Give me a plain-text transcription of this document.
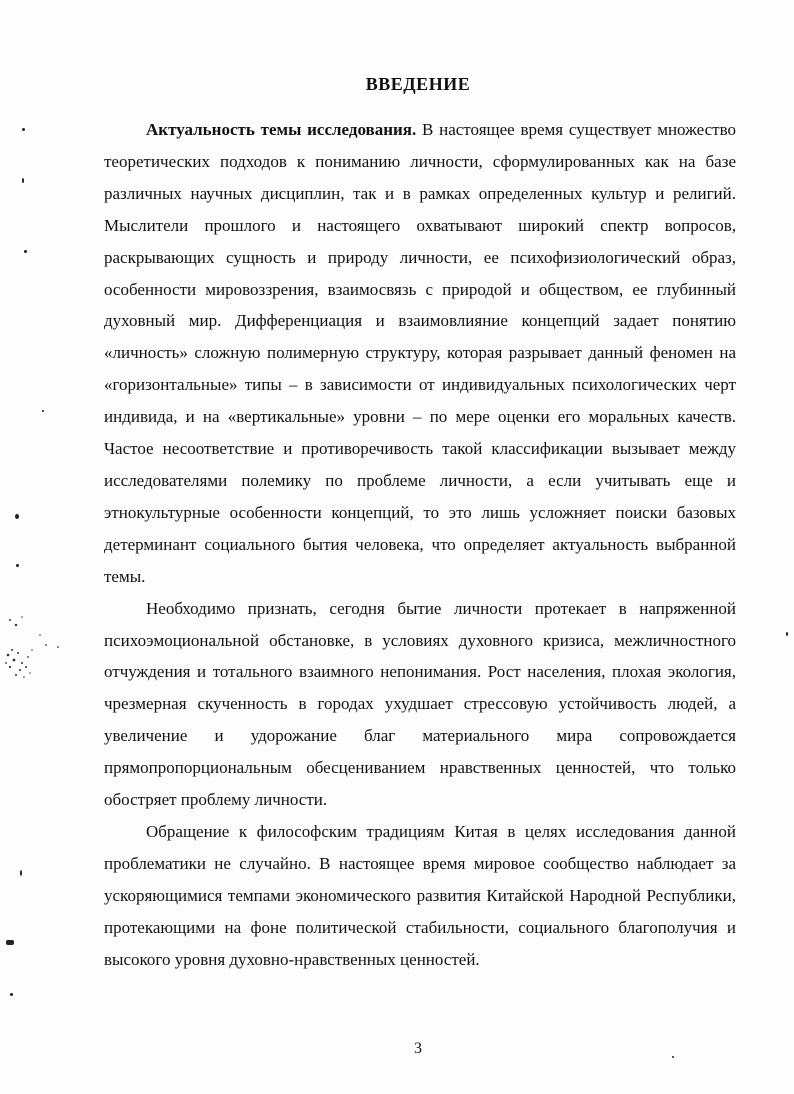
ВВЕДЕНИЕ

Актуальность темы исследования. В настоящее время существует множество теоретических подходов к пониманию личности, сформулированных как на базе различных научных дисциплин, так и в рамках определенных культур и религий. Мыслители прошлого и настоящего охватывают широкий спектр вопросов, раскрывающих сущность и природу личности, ее психофизиологический образ, особенности мировоззрения, взаимосвязь с природой и обществом, ее глубинный духовный мир. Дифференциация и взаимовлияние концепций задает понятию «личность» сложную полимерную структуру, которая разрывает данный феномен на «горизонтальные» типы – в зависимости от индивидуальных психологических черт индивида, и на «вертикальные» уровни – по мере оценки его моральных качеств. Частое несоответствие и противоречивость такой классификации вызывает между исследователями полемику по проблеме личности, а если учитывать еще и этнокультурные особенности концепций, то это лишь усложняет поиски базовых детерминант социального бытия человека, что определяет актуальность выбранной темы.

Необходимо признать, сегодня бытие личности протекает в напряженной психоэмоциональной обстановке, в условиях духовного кризиса, межличностного отчуждения и тотального взаимного непонимания. Рост населения, плохая экология, чрезмерная скученность в городах ухудшает стрессовую устойчивость людей, а увеличение и удорожание благ материального мира сопровождается прямопропорциональным обесцениванием нравственных ценностей, что только обостряет проблему личности.

Обращение к философским традициям Китая в целях исследования данной проблематики не случайно. В настоящее время мировое сообщество наблюдает за ускоряющимися темпами экономического развития Китайской Народной Республики, протекающими на фоне политической стабильности, социального благополучия и высокого уровня духовно-нравственных ценностей.

3
